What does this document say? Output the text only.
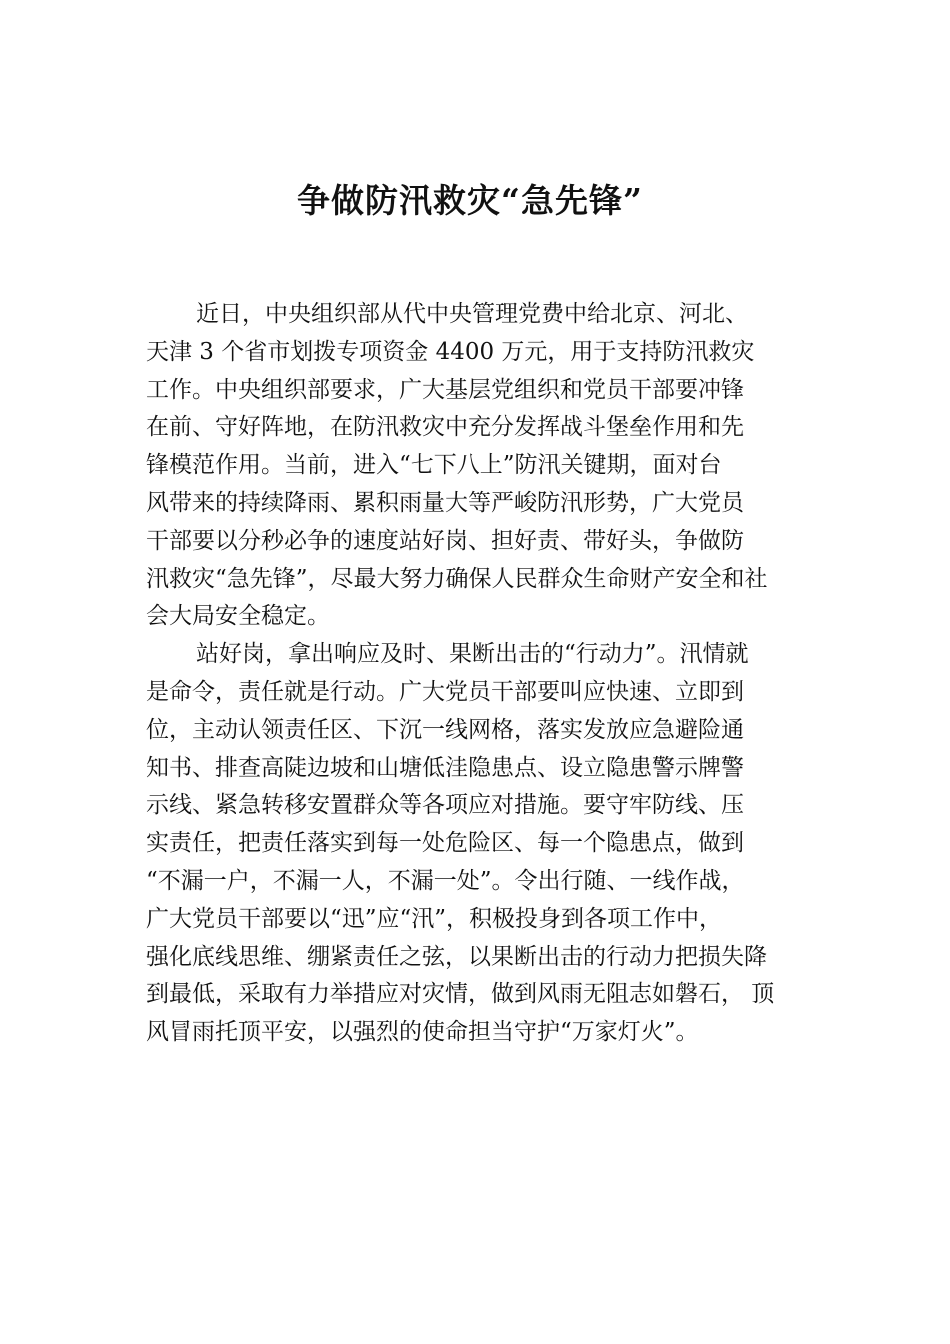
争做防汛救灾“急先锋”
近日，中央组织部从代中央管理党费中给北京、河北、
天津 3 个省市划拨专项资金 4400 万元，用于支持防汛救灾
工作。中央组织部要求，广大基层党组织和党员干部要冲锋
在前、守好阵地，在防汛救灾中充分发挥战斗堡垒作用和先
锋模范作用。当前，进入“七下八上”防汛关键期，面对台
风带来的持续降雨、累积雨量大等严峻防汛形势，广大党员
干部要以分秒必争的速度站好岗、担好责、带好头，争做防
汛救灾“急先锋”，尽最大努力确保人民群众生命财产安全和社
会大局安全稳定。
站好岗，拿出响应及时、果断出击的“行动力”。汛情就
是命令，责任就是行动。广大党员干部要叫应快速、立即到
位，主动认领责任区、下沉一线网格，落实发放应急避险通
知书、排查高陡边坡和山塘低洼隐患点、设立隐患警示牌警
示线、紧急转移安置群众等各项应对措施。要守牢防线、压
实责任，把责任落实到每一处危险区、每一个隐患点，做到
“不漏一户，不漏一人，不漏一处”。令出行随、一线作战，
广大党员干部要以“迅”应“汛”，积极投身到各项工作中，
强化底线思维、绷紧责任之弦，以果断出击的行动力把损失降
到最低，采取有力举措应对灾情，做到风雨无阻志如磐石， 顶
风冒雨托顶平安，以强烈的使命担当守护“万家灯火”。
